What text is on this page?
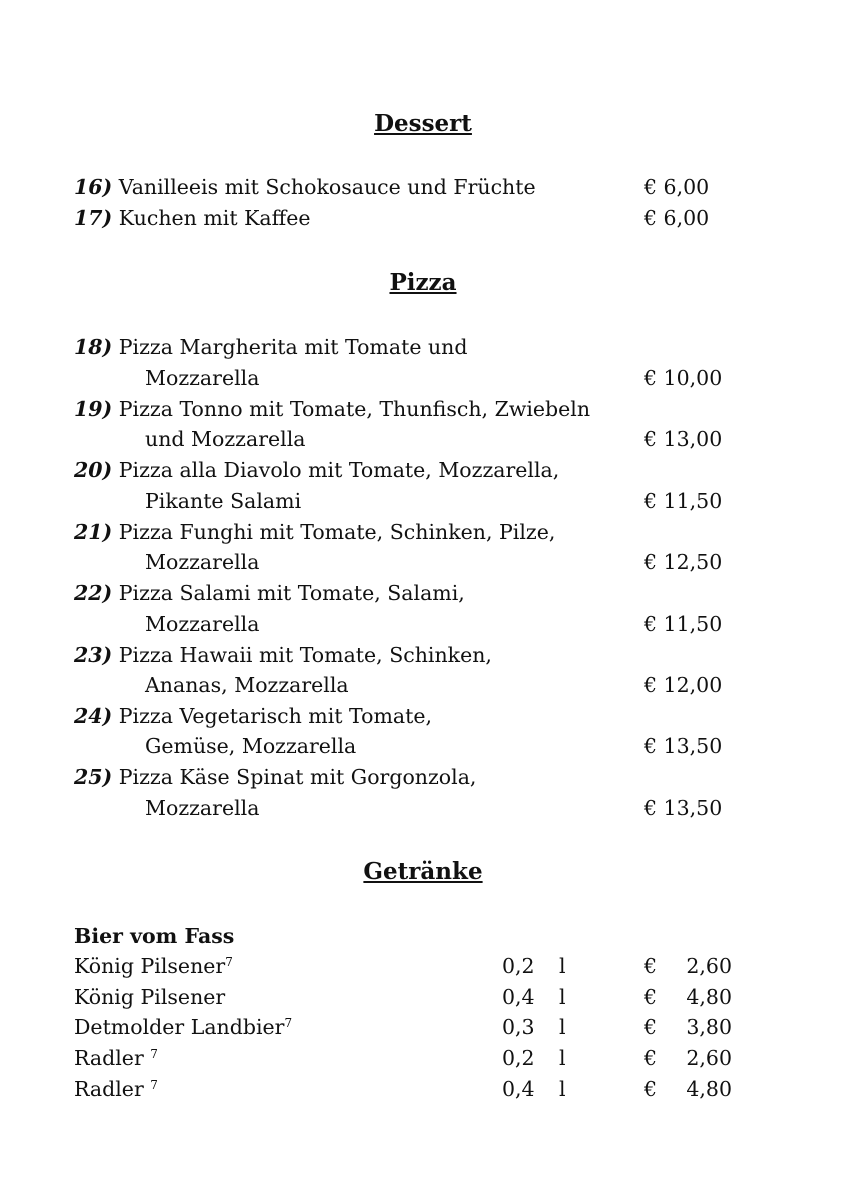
Dessert
16) Vanilleeis mit Schokosauce und Früchte	€ 6,00
17) Kuchen mit Kaffee	€ 6,00
Pizza
18) Pizza Margherita mit Tomate und
Mozzarella	€ 10,00
19) Pizza Tonno mit Tomate, Thunfisch, Zwiebeln
und Mozzarella	€ 13,00
20) Pizza alla Diavolo mit Tomate, Mozzarella,
Pikante Salami	€ 11,50
21) Pizza Funghi mit Tomate, Schinken, Pilze,
Mozzarella	€ 12,50
22) Pizza Salami mit Tomate, Salami,
Mozzarella	€ 11,50
23) Pizza Hawaii mit Tomate, Schinken,
Ananas, Mozzarella	€ 12,00
24) Pizza Vegetarisch mit Tomate,
Gemüse, Mozzarella	€ 13,50
25) Pizza Käse Spinat mit Gorgonzola,
Mozzarella	€ 13,50
Getränke
Bier vom Fass
König Pilsener$^7$	0,2 l	€	2,60
König Pilsener	0,4 l	€	4,80
Detmolder Landbier$^7$	0,3 l	€	3,80
Radler $^7$	0,2 l	€	2,60
Radler $^7$	0,4 l	€	4,80
